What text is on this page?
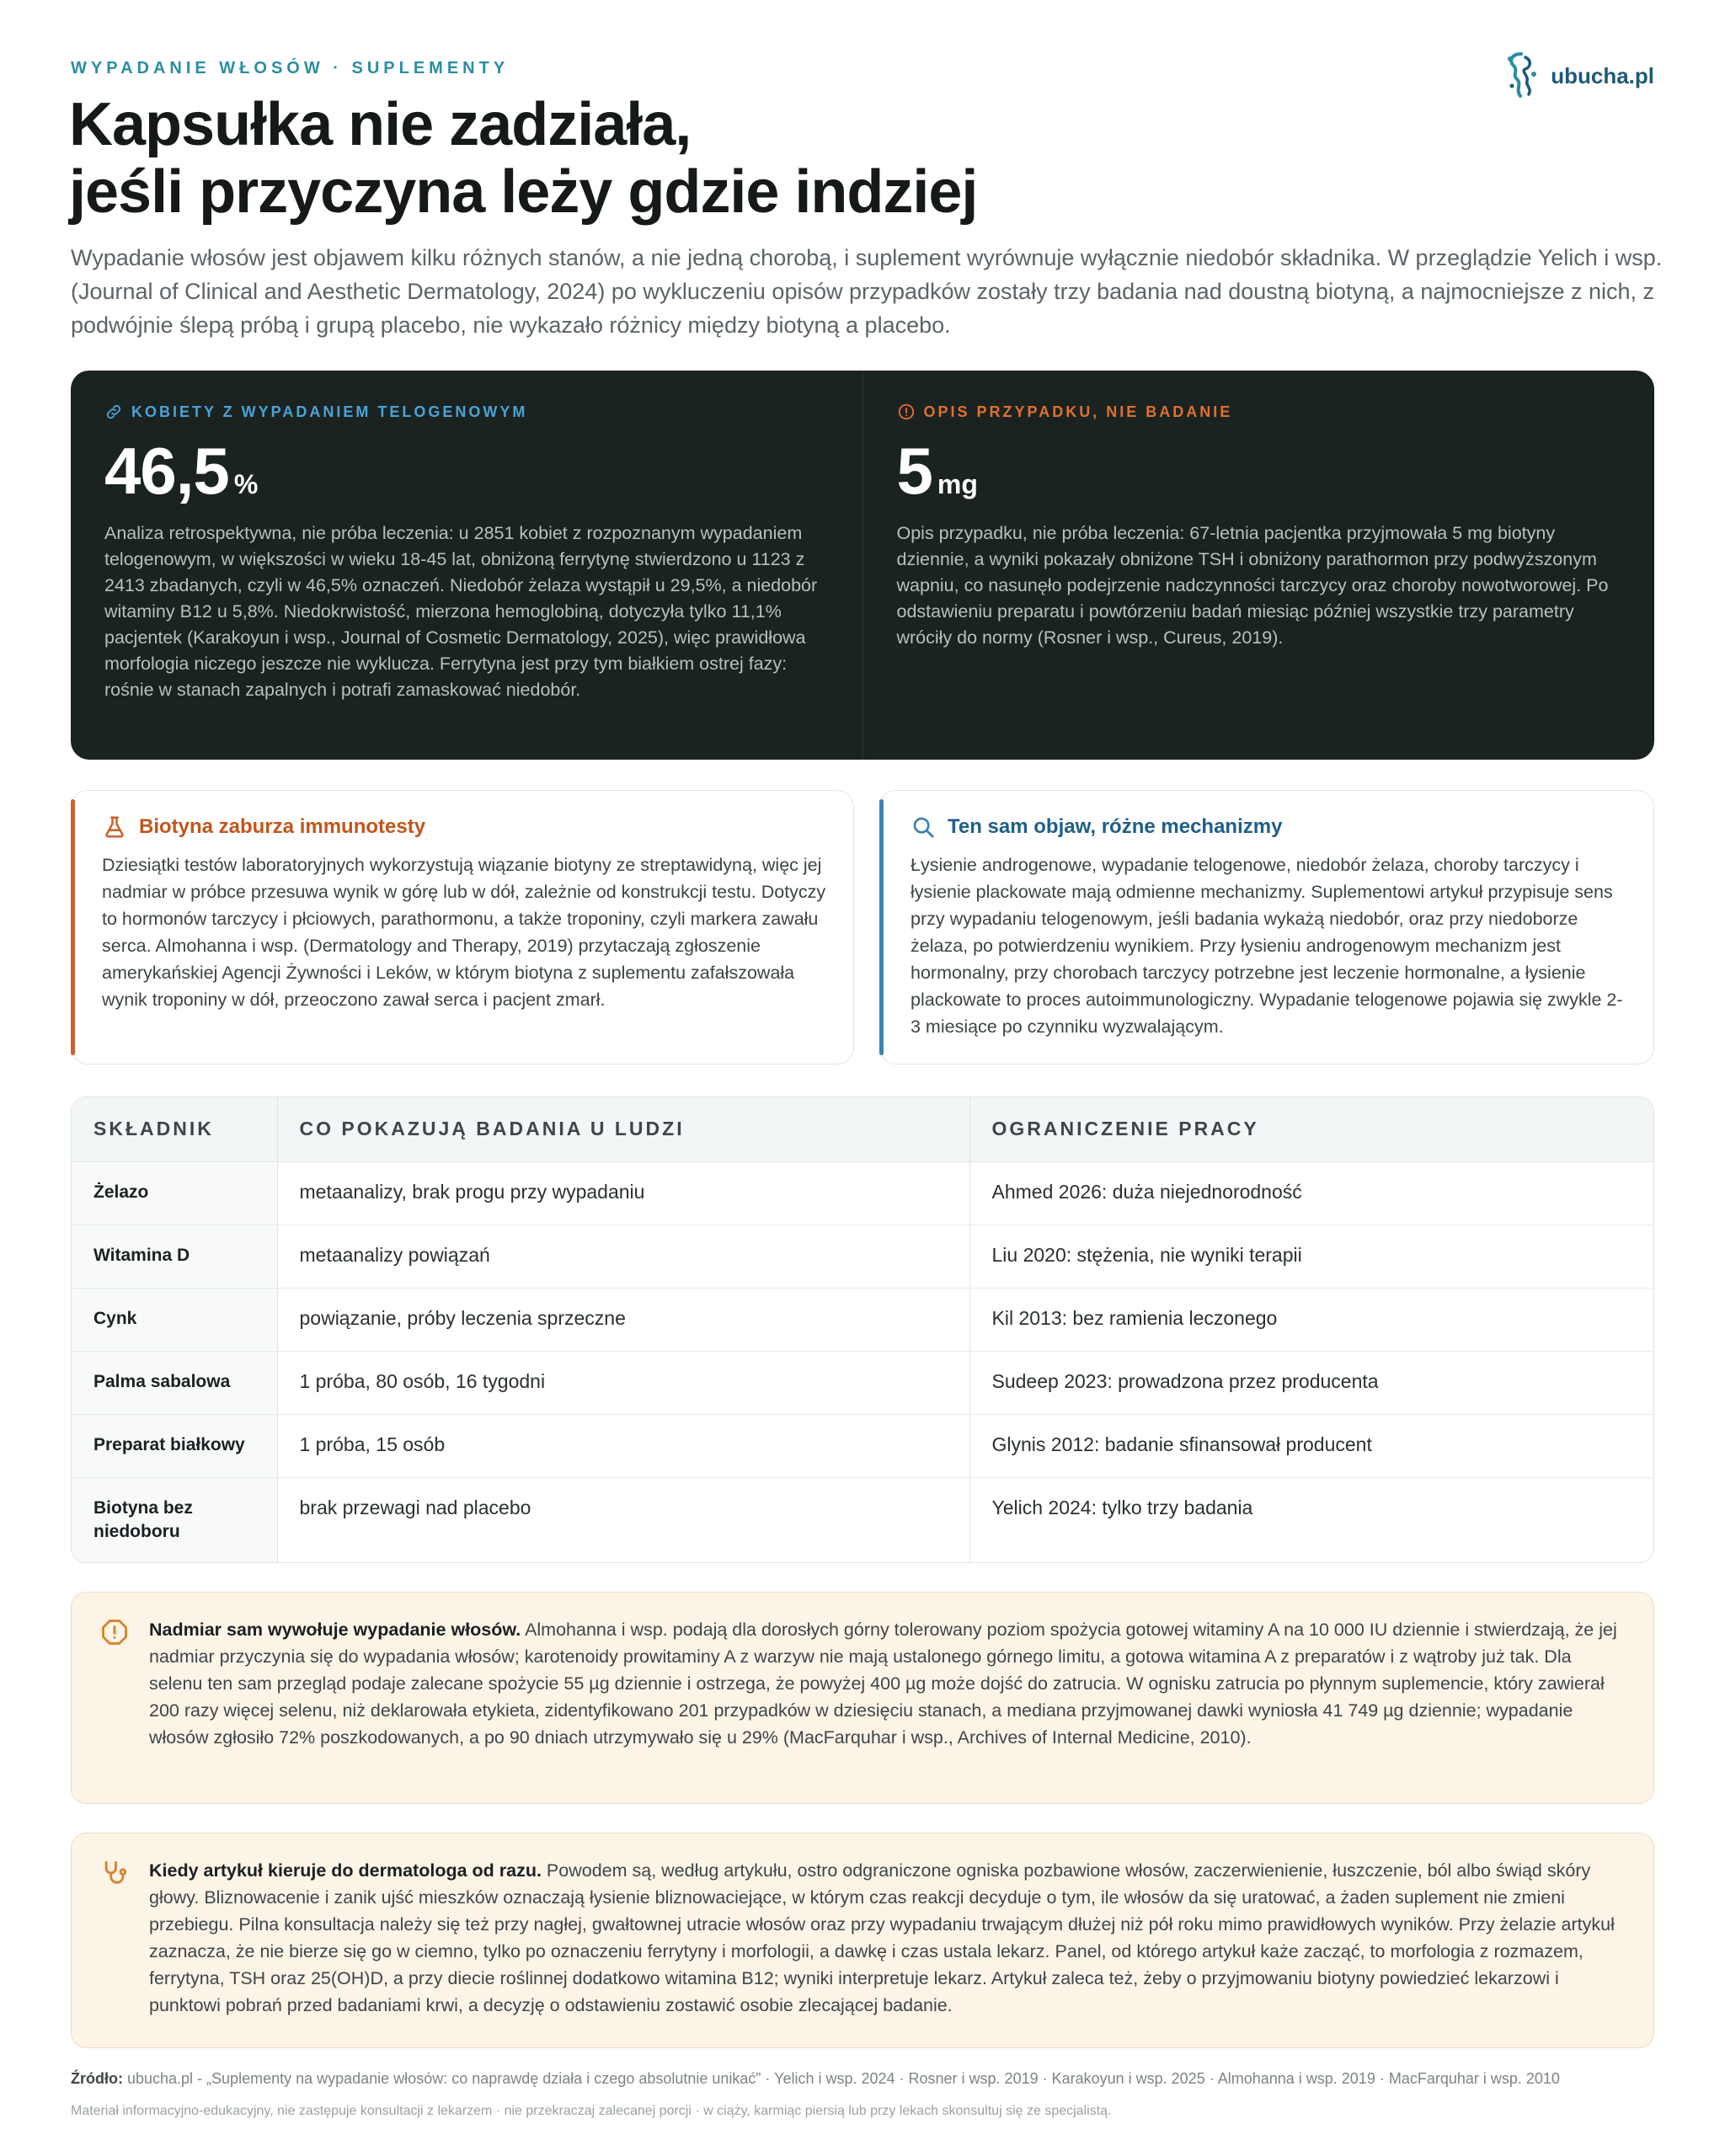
WYPADANIE WŁOSÓW · SUPLEMENTY	ubucha.pl
Kapsułka nie zadziała,
jeśli przyczyna leży gdzie indziej

Wypadanie włosów jest objawem kilku różnych stanów, a nie jedną chorobą, i suplement wyrównuje wyłącznie niedobór składnika. W przeglądzie Yelich i wsp. (Journal of Clinical and Aesthetic Dermatology, 2024) po wykluczeniu opisów przypadków zostały trzy badania nad doustną biotyną, a najmocniejsze z nich, z podwójnie ślepą próbą i grupą placebo, nie wykazało różnicy między biotyną a placebo.

KOBIETY Z WYPADANIEM TELOGENOWYM
46,5 %

Analiza retrospektywna, nie próba leczenia: u 2851 kobiet z rozpoznanym wypadaniem telogenowym, w większości w wieku 18-45 lat, obniżoną ferrytynę stwierdzono u 1123 z 2413 zbadanych, czyli w 46,5% oznaczeń. Niedobór żelaza wystąpił u 29,5%, a niedobór witaminy B12 u 5,8%. Niedokrwistość, mierzona hemoglobiną, dotyczyła tylko 11,1% pacjentek (Karakoyun i wsp., Journal of Cosmetic Dermatology, 2025), więc prawidłowa morfologia niczego jeszcze nie wyklucza. Ferrytyna jest przy tym białkiem ostrej fazy: rośnie w stanach zapalnych i potrafi zamaskować niedobór.

OPIS PRZYPADKU, NIE BADANIE
5 mg

Opis przypadku, nie próba leczenia: 67-letnia pacjentka przyjmowała 5 mg biotyny dziennie, a wyniki pokazały obniżone TSH i obniżony parathormon przy podwyższonym wapniu, co nasunęło podejrzenie nadczynności tarczycy oraz choroby nowotworowej. Po odstawieniu preparatu i powtórzeniu badań miesiąc później wszystkie trzy parametry wróciły do normy (Rosner i wsp., Cureus, 2019).

Biotyna zaburza immunotesty

Dziesiątki testów laboratoryjnych wykorzystują wiązanie biotyny ze streptawidyną, więc jej nadmiar w próbce przesuwa wynik w górę lub w dół, zależnie od konstrukcji testu. Dotyczy to hormonów tarczycy i płciowych, parathormonu, a także troponiny, czyli markera zawału serca. Almohanna i wsp. (Dermatology and Therapy, 2019) przytaczają zgłoszenie amerykańskiej Agencji Żywności i Leków, w którym biotyna z suplementu zafałszowała wynik troponiny w dół, przeoczono zawał serca i pacjent zmarł.

Ten sam objaw, różne mechanizmy

Łysienie androgenowe, wypadanie telogenowe, niedobór żelaza, choroby tarczycy i łysienie plackowate mają odmienne mechanizmy. Suplementowi artykuł przypisuje sens przy wypadaniu telogenowym, jeśli badania wykażą niedobór, oraz przy niedoborze żelaza, po potwierdzeniu wynikiem. Przy łysieniu androgenowym mechanizm jest hormonalny, przy chorobach tarczycy potrzebne jest leczenie hormonalne, a łysienie plackowate to proces autoimmunologiczny. Wypadanie telogenowe pojawia się zwykle 2-3 miesiące po czynniku wyzwalającym.

SKŁADNIK	CO POKAZUJĄ BADANIA U LUDZI	OGRANICZENIE PRACY
Żelazo	metaanalizy, brak progu przy wypadaniu	Ahmed 2026: duża niejednorodność
Witamina D	metaanalizy powiązań	Liu 2020: stężenia, nie wyniki terapii
Cynk	powiązanie, próby leczenia sprzeczne	Kil 2013: bez ramienia leczonego
Palma sabalowa	1 próba, 80 osób, 16 tygodni	Sudeep 2023: prowadzona przez producenta
Preparat białkowy	1 próba, 15 osób	Glynis 2012: badanie sfinansował producent
Biotyna bez niedoboru	brak przewagi nad placebo	Yelich 2024: tylko trzy badania

Nadmiar sam wywołuje wypadanie włosów. Almohanna i wsp. podają dla dorosłych górny tolerowany poziom spożycia gotowej witaminy A na 10 000 IU dziennie i stwierdzają, że jej nadmiar przyczynia się do wypadania włosów; karotenoidy prowitaminy A z warzyw nie mają ustalonego górnego limitu, a gotowa witamina A z preparatów i z wątroby już tak. Dla selenu ten sam przegląd podaje zalecane spożycie 55 µg dziennie i ostrzega, że powyżej 400 µg może dojść do zatrucia. W ognisku zatrucia po płynnym suplemencie, który zawierał 200 razy więcej selenu, niż deklarowała etykieta, zidentyfikowano 201 przypadków w dziesięciu stanach, a mediana przyjmowanej dawki wyniosła 41 749 µg dziennie; wypadanie włosów zgłosiło 72% poszkodowanych, a po 90 dniach utrzymywało się u 29% (MacFarquhar i wsp., Archives of Internal Medicine, 2010).

Kiedy artykuł kieruje do dermatologa od razu. Powodem są, według artykułu, ostro odgraniczone ogniska pozbawione włosów, zaczerwienienie, łuszczenie, ból albo świąd skóry głowy. Bliznowacenie i zanik ujść mieszków oznaczają łysienie bliznowaciejące, w którym czas reakcji decyduje o tym, ile włosów da się uratować, a żaden suplement nie zmieni przebiegu. Pilna konsultacja należy się też przy nagłej, gwałtownej utracie włosów oraz przy wypadaniu trwającym dłużej niż pół roku mimo prawidłowych wyników. Przy żelazie artykuł zaznacza, że nie bierze się go w ciemno, tylko po oznaczeniu ferrytyny i morfologii, a dawkę i czas ustala lekarz. Panel, od którego artykuł każe zacząć, to morfologia z rozmazem, ferrytyna, TSH oraz 25(OH)D, a przy diecie roślinnej dodatkowo witamina B12; wyniki interpretuje lekarz. Artykuł zaleca też, żeby o przyjmowaniu biotyny powiedzieć lekarzowi i punktowi pobrań przed badaniami krwi, a decyzję o odstawieniu zostawić osobie zlecającej badanie.

Źródło: ubucha.pl - „Suplementy na wypadanie włosów: co naprawdę działa i czego absolutnie unikać” · Yelich i wsp. 2024 · Rosner i wsp. 2019 · Karakoyun i wsp. 2025 · Almohanna i wsp. 2019 · MacFarquhar i wsp. 2010
Materiał informacyjno-edukacyjny, nie zastępuje konsultacji z lekarzem · nie przekraczaj zalecanej porcji · w ciąży, karmiąc piersią lub przy lekach skonsultuj się ze specjalistą.
